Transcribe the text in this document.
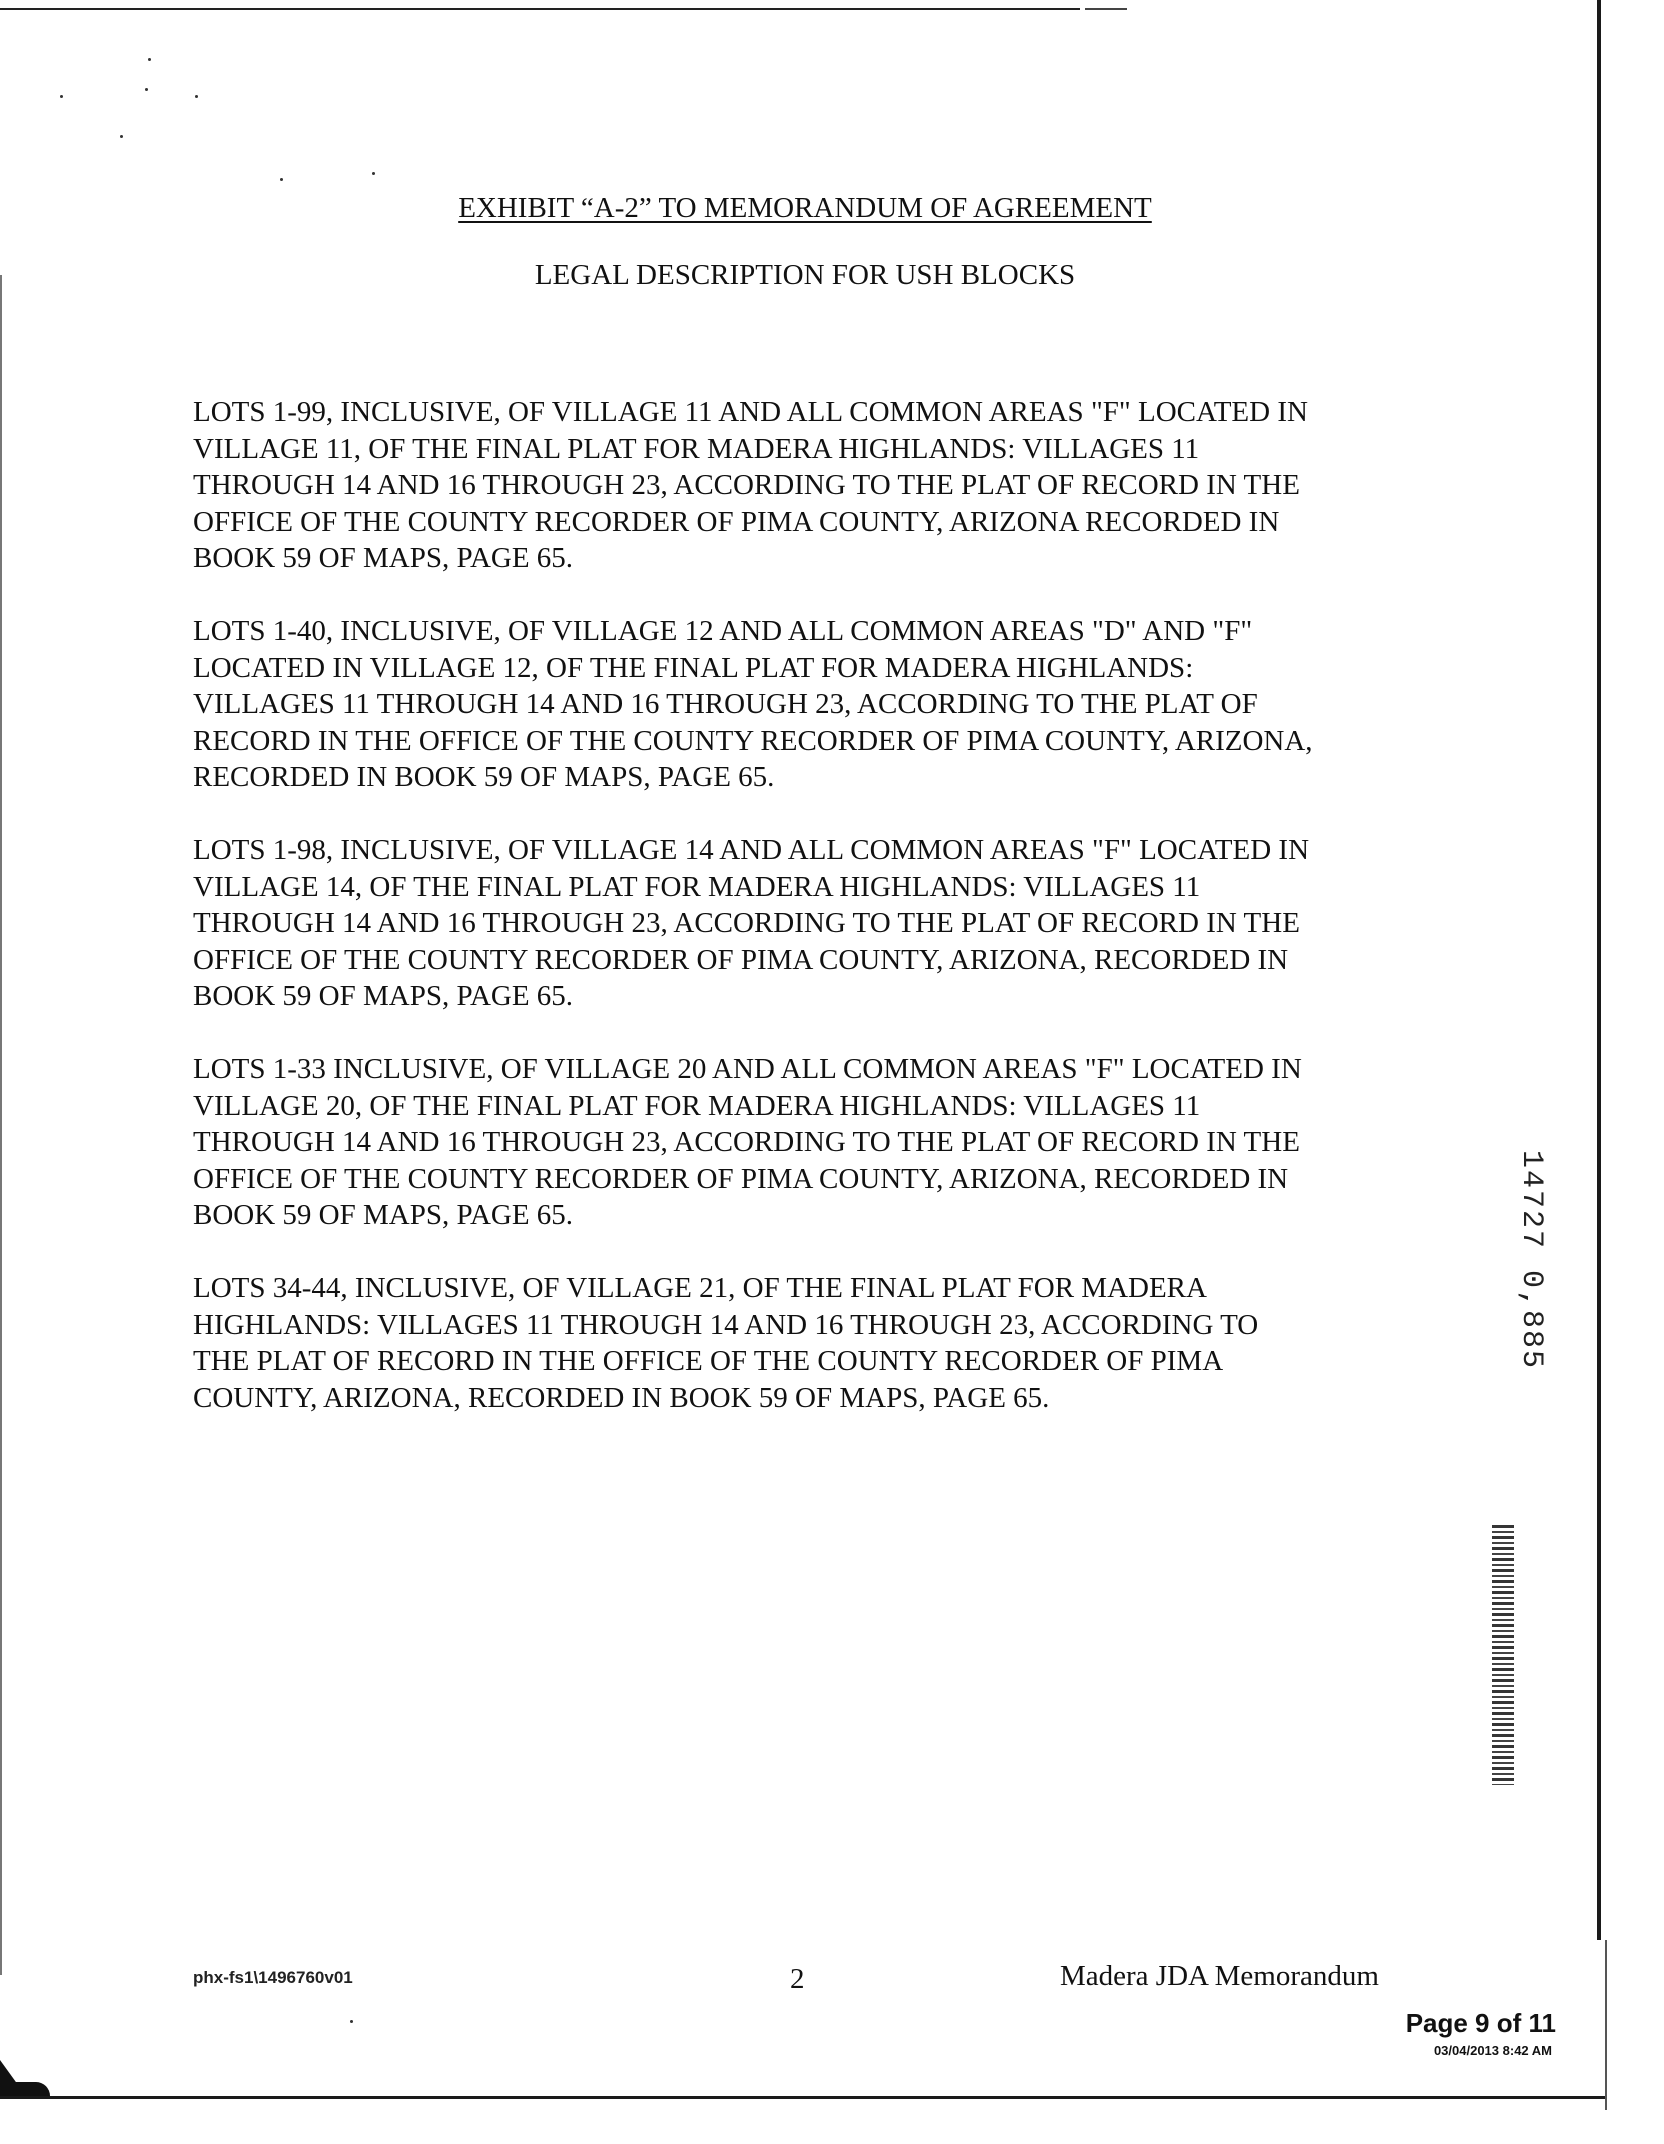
EXHIBIT “A-2” TO MEMORANDUM OF AGREEMENT
LEGAL DESCRIPTION FOR USH BLOCKS

LOTS 1-99, INCLUSIVE, OF VILLAGE 11 AND ALL COMMON AREAS "F" LOCATED IN
VILLAGE 11, OF THE FINAL PLAT FOR MADERA HIGHLANDS: VILLAGES 11
THROUGH 14 AND 16 THROUGH 23, ACCORDING TO THE PLAT OF RECORD IN THE
OFFICE OF THE COUNTY RECORDER OF PIMA COUNTY, ARIZONA RECORDED IN
BOOK 59 OF MAPS, PAGE 65.

LOTS 1-40, INCLUSIVE, OF VILLAGE 12 AND ALL COMMON AREAS "D" AND "F"
LOCATED IN VILLAGE 12, OF THE FINAL PLAT FOR MADERA HIGHLANDS:
VILLAGES 11 THROUGH 14 AND 16 THROUGH 23, ACCORDING TO THE PLAT OF
RECORD IN THE OFFICE OF THE COUNTY RECORDER OF PIMA COUNTY, ARIZONA,
RECORDED IN BOOK 59 OF MAPS, PAGE 65.

LOTS 1-98, INCLUSIVE, OF VILLAGE 14 AND ALL COMMON AREAS "F" LOCATED IN
VILLAGE 14, OF THE FINAL PLAT FOR MADERA HIGHLANDS: VILLAGES 11
THROUGH 14 AND 16 THROUGH 23, ACCORDING TO THE PLAT OF RECORD IN THE
OFFICE OF THE COUNTY RECORDER OF PIMA COUNTY, ARIZONA, RECORDED IN
BOOK 59 OF MAPS, PAGE 65.

LOTS 1-33 INCLUSIVE, OF VILLAGE 20 AND ALL COMMON AREAS "F" LOCATED IN
VILLAGE 20, OF THE FINAL PLAT FOR MADERA HIGHLANDS: VILLAGES 11
THROUGH 14 AND 16 THROUGH 23, ACCORDING TO THE PLAT OF RECORD IN THE
OFFICE OF THE COUNTY RECORDER OF PIMA COUNTY, ARIZONA, RECORDED IN
BOOK 59 OF MAPS, PAGE 65.

LOTS 34-44, INCLUSIVE, OF VILLAGE 21, OF THE FINAL PLAT FOR MADERA
HIGHLANDS: VILLAGES 11 THROUGH 14 AND 16 THROUGH 23, ACCORDING TO
THE PLAT OF RECORD IN THE OFFICE OF THE COUNTY RECORDER OF PIMA
COUNTY, ARIZONA, RECORDED IN BOOK 59 OF MAPS, PAGE 65.

14727 0,885
phx-fs1\1496760v01	2	Madera JDA Memorandum
Page 9 of 11
03/04/2013 8:42 AM
